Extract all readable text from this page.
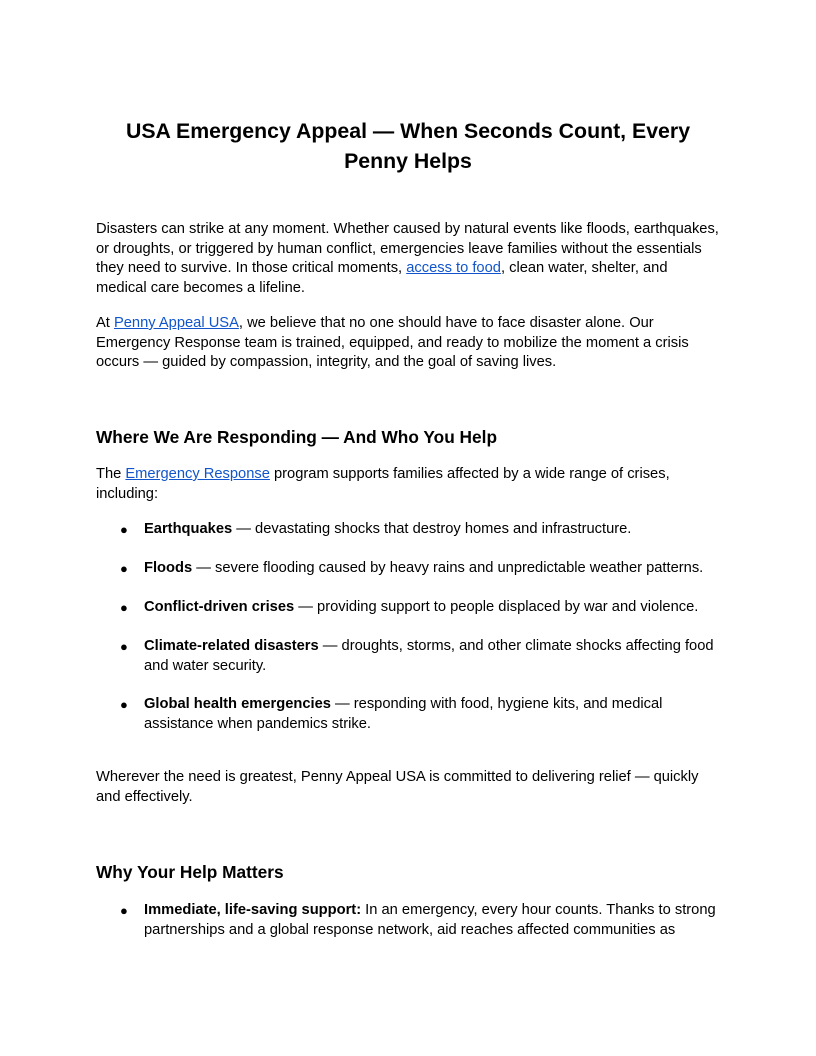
USA Emergency Appeal — When Seconds Count, Every Penny Helps

Disasters can strike at any moment. Whether caused by natural events like floods, earthquakes, or droughts, or triggered by human conflict, emergencies leave families without the essentials they need to survive. In those critical moments, access to food, clean water, shelter, and medical care becomes a lifeline.

At Penny Appeal USA, we believe that no one should have to face disaster alone. Our Emergency Response team is trained, equipped, and ready to mobilize the moment a crisis occurs — guided by compassion, integrity, and the goal of saving lives.

Where We Are Responding — And Who You Help

The Emergency Response program supports families affected by a wide range of crises, including:

● Earthquakes — devastating shocks that destroy homes and infrastructure.
● Floods — severe flooding caused by heavy rains and unpredictable weather patterns.
● Conflict-driven crises — providing support to people displaced by war and violence.
● Climate-related disasters — droughts, storms, and other climate shocks affecting food and water security.
● Global health emergencies — responding with food, hygiene kits, and medical assistance when pandemics strike.

Wherever the need is greatest, Penny Appeal USA is committed to delivering relief — quickly and effectively.

Why Your Help Matters
● Immediate, life-saving support: In an emergency, every hour counts. Thanks to strong partnerships and a global response network, aid reaches affected communities as
